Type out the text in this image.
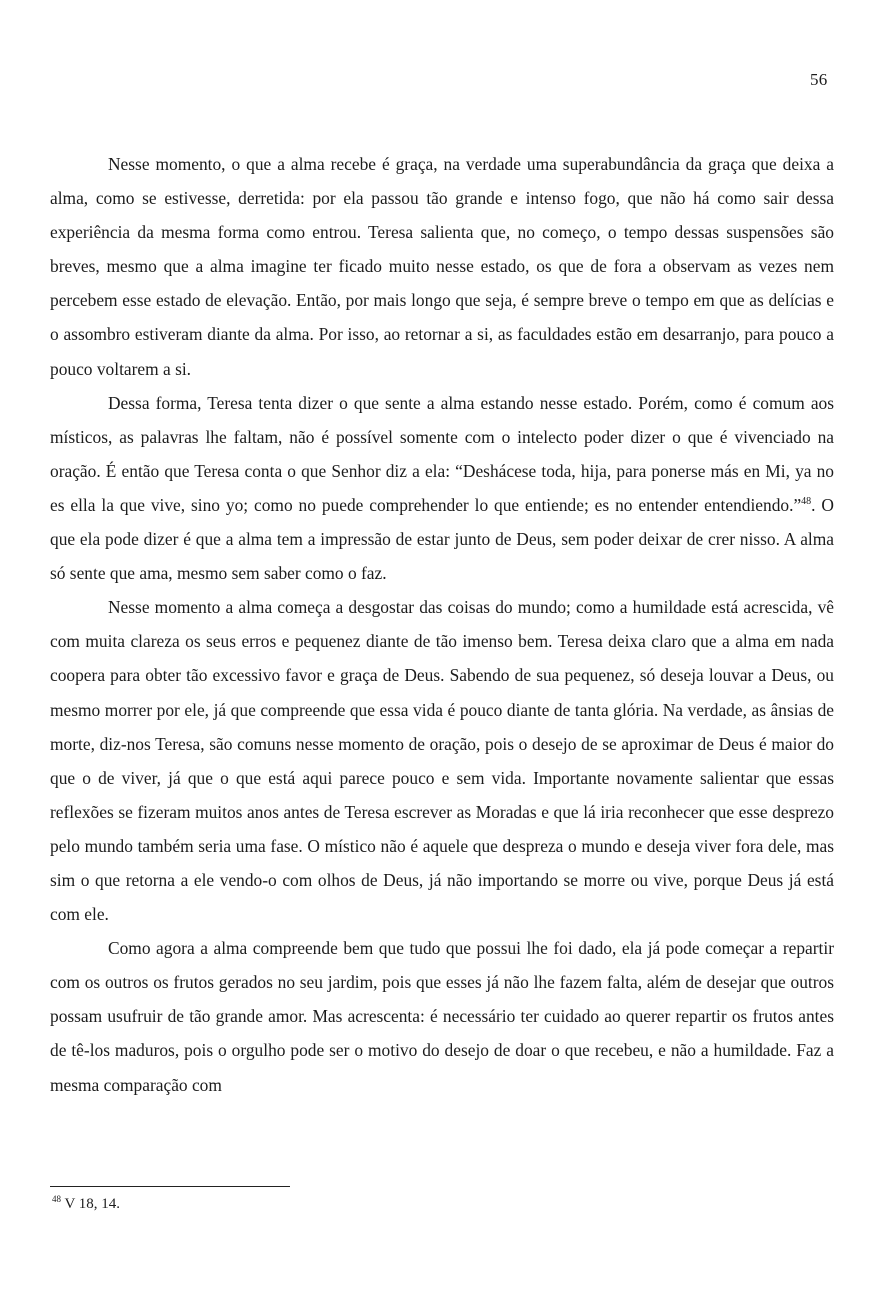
56

Nesse momento, o que a alma recebe é graça, na verdade uma superabundância da graça que deixa a alma, como se estivesse, derretida: por ela passou tão grande e intenso fogo, que não há como sair dessa experiência da mesma forma como entrou. Teresa salienta que, no começo, o tempo dessas suspensões são breves, mesmo que a alma imagine ter ficado muito nesse estado, os que de fora a observam as vezes nem percebem esse estado de elevação. Então, por mais longo que seja, é sempre breve o tempo em que as delícias e o assombro estiveram diante da alma. Por isso, ao retornar a si, as faculdades estão em desarranjo, para pouco a pouco voltarem a si.

Dessa forma, Teresa tenta dizer o que sente a alma estando nesse estado. Porém, como é comum aos místicos, as palavras lhe faltam, não é possível somente com o intelecto poder dizer o que é vivenciado na oração. É então que Teresa conta o que Senhor diz a ela: “Deshácese toda, hija, para ponerse más en Mi, ya no es ella la que vive, sino yo; como no puede comprehender lo que entiende; es no entender entendiendo.”$^{48}$. O que ela pode dizer é que a alma tem a impressão de estar junto de Deus, sem poder deixar de crer nisso. A alma só sente que ama, mesmo sem saber como o faz.

Nesse momento a alma começa a desgostar das coisas do mundo; como a humildade está acrescida, vê com muita clareza os seus erros e pequenez diante de tão imenso bem. Teresa deixa claro que a alma em nada coopera para obter tão excessivo favor e graça de Deus. Sabendo de sua pequenez, só deseja louvar a Deus, ou mesmo morrer por ele, já que compreende que essa vida é pouco diante de tanta glória. Na verdade, as ânsias de morte, diz-nos Teresa, são comuns nesse momento de oração, pois o desejo de se aproximar de Deus é maior do que o de viver, já que o que está aqui parece pouco e sem vida. Importante novamente salientar que essas reflexões se fizeram muitos anos antes de Teresa escrever as Moradas e que lá iria reconhecer que esse desprezo pelo mundo também seria uma fase. O místico não é aquele que despreza o mundo e deseja viver fora dele, mas sim o que retorna a ele vendo-o com olhos de Deus, já não importando se morre ou vive, porque Deus já está com ele.

Como agora a alma compreende bem que tudo que possui lhe foi dado, ela já pode começar a repartir com os outros os frutos gerados no seu jardim, pois que esses já não lhe fazem falta, além de desejar que outros possam usufruir de tão grande amor. Mas acrescenta: é necessário ter cuidado ao querer repartir os frutos antes de tê-los maduros, pois o orgulho pode ser o motivo do desejo de doar o que recebeu, e não a humildade. Faz a mesma comparação com

$^{48}$ V 18, 14.
